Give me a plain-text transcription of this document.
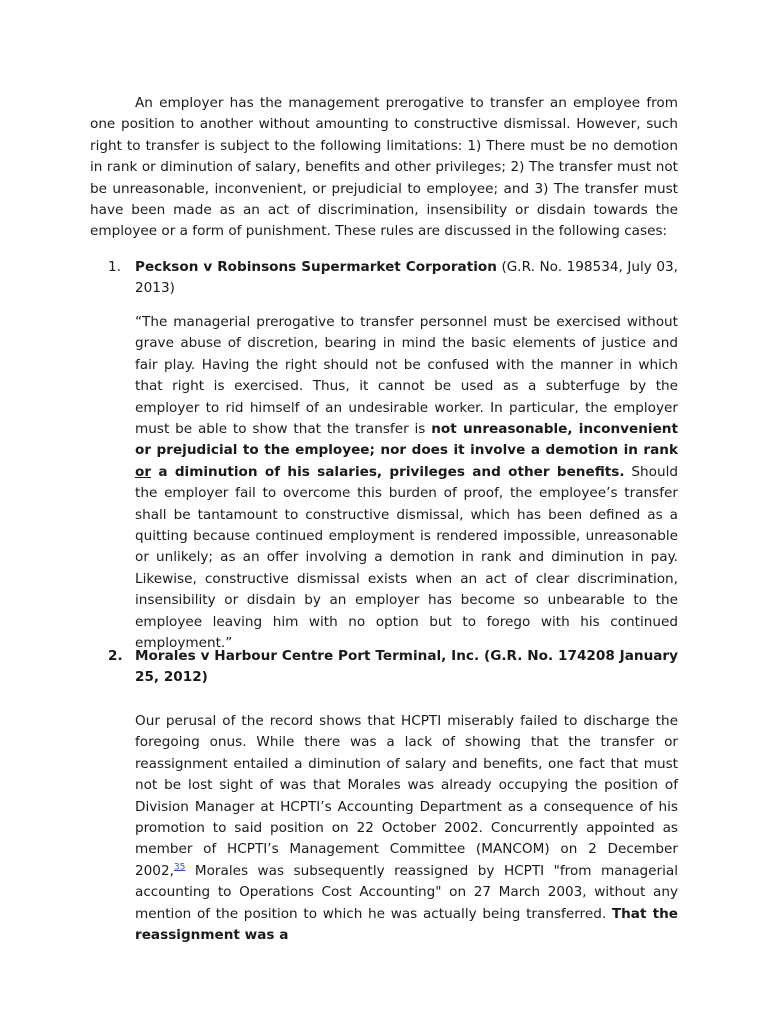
An employer has the management prerogative to transfer an employee from one position to another without amounting to constructive dismissal. However, such right to transfer is subject to the following limitations: 1) There must be no demotion in rank or diminution of salary, benefits and other privileges; 2) The transfer must not be unreasonable, inconvenient, or prejudicial to employee; and 3) The transfer must have been made as an act of discrimination, insensibility or disdain towards the employee or a form of punishment. These rules are discussed in the following cases:

1. Peckson v Robinsons Supermarket Corporation (G.R. No. 198534, July 03, 2013)

“The managerial prerogative to transfer personnel must be exercised without grave abuse of discretion, bearing in mind the basic elements of justice and fair play. Having the right should not be confused with the manner in which that right is exercised. Thus, it cannot be used as a subterfuge by the employer to rid himself of an undesirable worker. In particular, the employer must be able to show that the transfer is not unreasonable, inconvenient or prejudicial to the employee; nor does it involve a demotion in rank or a diminution of his salaries, privileges and other benefits. Should the employer fail to overcome this burden of proof, the employee’s transfer shall be tantamount to constructive dismissal, which has been defined as a quitting because continued employment is rendered impossible, unreasonable or unlikely; as an offer involving a demotion in rank and diminution in pay. Likewise, constructive dismissal exists when an act of clear discrimination, insensibility or disdain by an employer has become so unbearable to the employee leaving him with no option but to forego with his continued employment.”

2. Morales v Harbour Centre Port Terminal, Inc. (G.R. No. 174208 January 25, 2012)

Our perusal of the record shows that HCPTI miserably failed to discharge the foregoing onus. While there was a lack of showing that the transfer or reassignment entailed a diminution of salary and benefits, one fact that must not be lost sight of was that Morales was already occupying the position of Division Manager at HCPTI’s Accounting Department as a consequence of his promotion to said position on 22 October 2002. Concurrently appointed as member of HCPTI’s Management Committee (MANCOM) on 2 December 2002,35 Morales was subsequently reassigned by HCPTI "from managerial accounting to Operations Cost Accounting" on 27 March 2003, without any mention of the position to which he was actually being transferred. That the reassignment was a
